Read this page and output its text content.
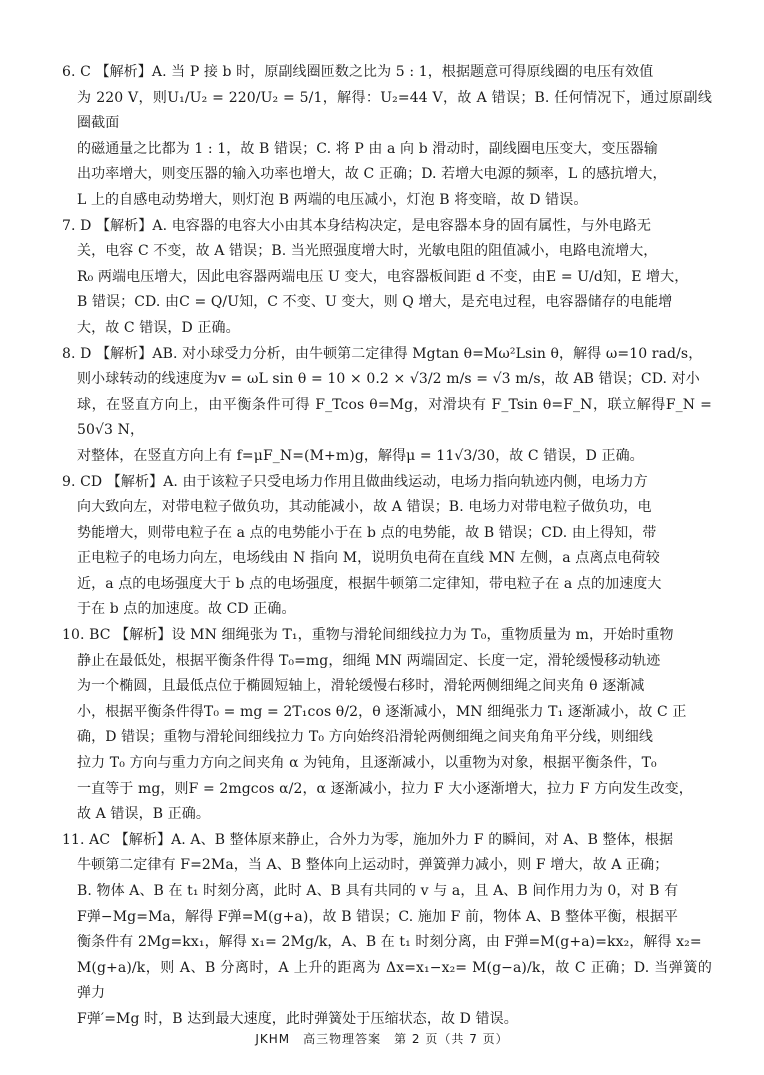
6. C 【解析】A. 当 P 接 b 时，原副线圈匝数之比为 5 : 1，根据题意可得原线圈的电压有效值
为 220 V，则U₁/U₂ = 220/U₂ = 5/1，解得：U₂=44 V，故 A 错误；B. 任何情况下，通过原副线圈截面
的磁通量之比都为 1 : 1，故 B 错误；C. 将 P 由 a 向 b 滑动时，副线圈电压变大，变压器输
出功率增大，则变压器的输入功率也增大，故 C 正确；D. 若增大电源的频率，L 的感抗增大，
L 上的自感电动势增大，则灯泡 B 两端的电压减小，灯泡 B 将变暗，故 D 错误。
7. D 【解析】A. 电容器的电容大小由其本身结构决定，是电容器本身的固有属性，与外电路无
关，电容 C 不变，故 A 错误；B. 当光照强度增大时，光敏电阻的阻值减小，电路电流增大，
R₀ 两端电压增大，因此电容器两端电压 U 变大，电容器板间距 d 不变，由E = U/d知，E 增大，
B 错误；CD. 由C = Q/U知，C 不变、U 变大，则 Q 增大，是充电过程，电容器储存的电能增
大，故 C 错误，D 正确。
8. D 【解析】AB. 对小球受力分析，由牛顿第二定律得 Mgtan θ=Mω²Lsin θ，解得 ω=10 rad/s，
则小球转动的线速度为v = ωL sin θ = 10 × 0.2 × √3/2 m/s = √3 m/s，故 AB 错误；CD. 对小
球，在竖直方向上，由平衡条件可得 F_Tcos θ=Mg，对滑块有 F_Tsin θ=F_N，联立解得F_N = 50√3 N，
对整体，在竖直方向上有 f=μF_N=(M+m)g，解得μ = 11√3/30，故 C 错误，D 正确。
9. CD 【解析】A. 由于该粒子只受电场力作用且做曲线运动，电场力指向轨迹内侧，电场力方
向大致向左，对带电粒子做负功，其动能减小，故 A 错误；B. 电场力对带电粒子做负功，电
势能增大，则带电粒子在 a 点的电势能小于在 b 点的电势能，故 B 错误；CD. 由上得知，带
正电粒子的电场力向左，电场线由 N 指向 M，说明负电荷在直线 MN 左侧，a 点离点电荷较
近，a 点的电场强度大于 b 点的电场强度，根据牛顿第二定律知，带电粒子在 a 点的加速度大
于在 b 点的加速度。故 CD 正确。
10. BC 【解析】设 MN 细绳张为 T₁，重物与滑轮间细线拉力为 T₀，重物质量为 m，开始时重物
静止在最低处，根据平衡条件得 T₀=mg，细绳 MN 两端固定、长度一定，滑轮缓慢移动轨迹
为一个椭圆，且最低点位于椭圆短轴上，滑轮缓慢右移时，滑轮两侧细绳之间夹角 θ 逐渐减
小，根据平衡条件得T₀ = mg = 2T₁cos θ/2，θ 逐渐减小，MN 细绳张力 T₁ 逐渐减小，故 C 正
确，D 错误；重物与滑轮间细线拉力 T₀ 方向始终沿滑轮两侧细绳之间夹角角平分线，则细线
拉力 T₀ 方向与重力方向之间夹角 α 为钝角，且逐渐减小，以重物为对象，根据平衡条件，T₀
一直等于 mg，则F = 2mgcos α/2，α 逐渐减小，拉力 F 大小逐渐增大，拉力 F 方向发生改变，
故 A 错误，B 正确。
11. AC 【解析】A. A、B 整体原来静止，合外力为零，施加外力 F 的瞬间，对 A、B 整体，根据
牛顿第二定律有 F=2Ma，当 A、B 整体向上运动时，弹簧弹力减小，则 F 增大，故 A 正确；
B. 物体 A、B 在 t₁ 时刻分离，此时 A、B 具有共同的 v 与 a，且 A、B 间作用力为 0，对 B 有
F弹−Mg=Ma，解得 F弹=M(g+a)，故 B 错误；C. 施加 F 前，物体 A、B 整体平衡，根据平
衡条件有 2Mg=kx₁，解得 x₁= 2Mg/k，A、B 在 t₁ 时刻分离，由 F弹=M(g+a)=kx₂，解得 x₂=
M(g+a)/k，则 A、B 分离时，A 上升的距离为 Δx=x₁−x₂= M(g−a)/k，故 C 正确；D. 当弹簧的弹力
F弹′=Mg 时，B 达到最大速度，此时弹簧处于压缩状态，故 D 错误。
JKHM　高三物理答案　第 2 页（共 7 页）
